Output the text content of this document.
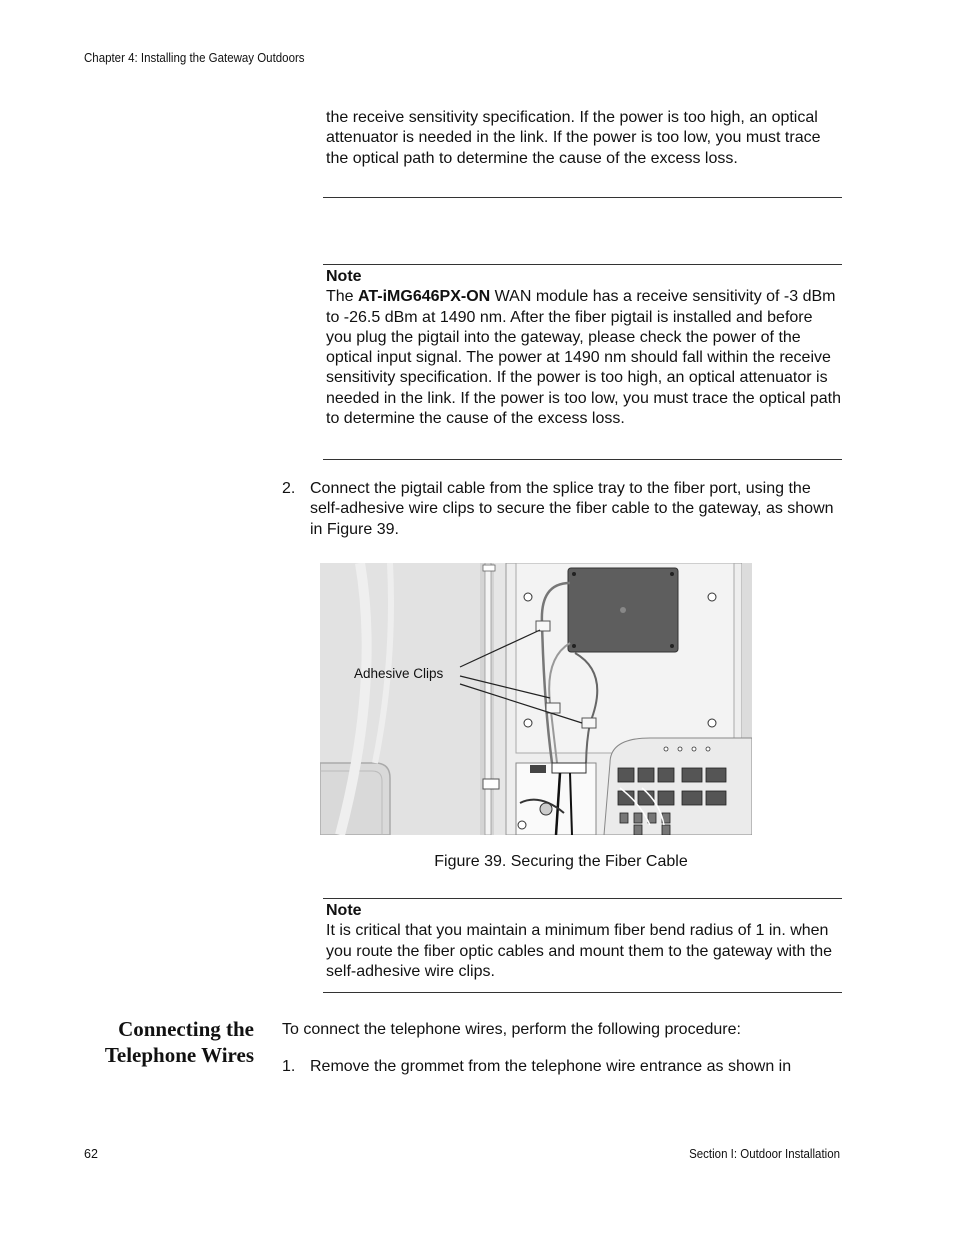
Chapter 4: Installing the Gateway Outdoors
the receive sensitivity specification. If the power is too high, an optical attenuator is needed in the link. If the power is too low, you must trace the optical path to determine the cause of the excess loss.
Note
The AT-iMG646PX-ON WAN module has a receive sensitivity of -3 dBm to -26.5 dBm at 1490 nm. After the fiber pigtail is installed and before you plug the pigtail into the gateway, please check the power of the optical input signal. The power at 1490 nm should fall within the receive sensitivity specification. If the power is too high, an optical attenuator is needed in the link. If the power is too low, you must trace the optical path to determine the cause of the excess loss.
2. Connect the pigtail cable from the splice tray to the fiber port, using the self-adhesive wire clips to secure the fiber cable to the gateway, as shown in Figure 39.
Adhesive Clips
Figure 39. Securing the Fiber Cable
Note
It is critical that you maintain a minimum fiber bend radius of 1 in. when you route the fiber optic cables and mount them to the gateway with the self-adhesive wire clips.
Connecting the
Telephone Wires
To connect the telephone wires, perform the following procedure:
1. Remove the grommet from the telephone wire entrance as shown in
62	Section I: Outdoor Installation
